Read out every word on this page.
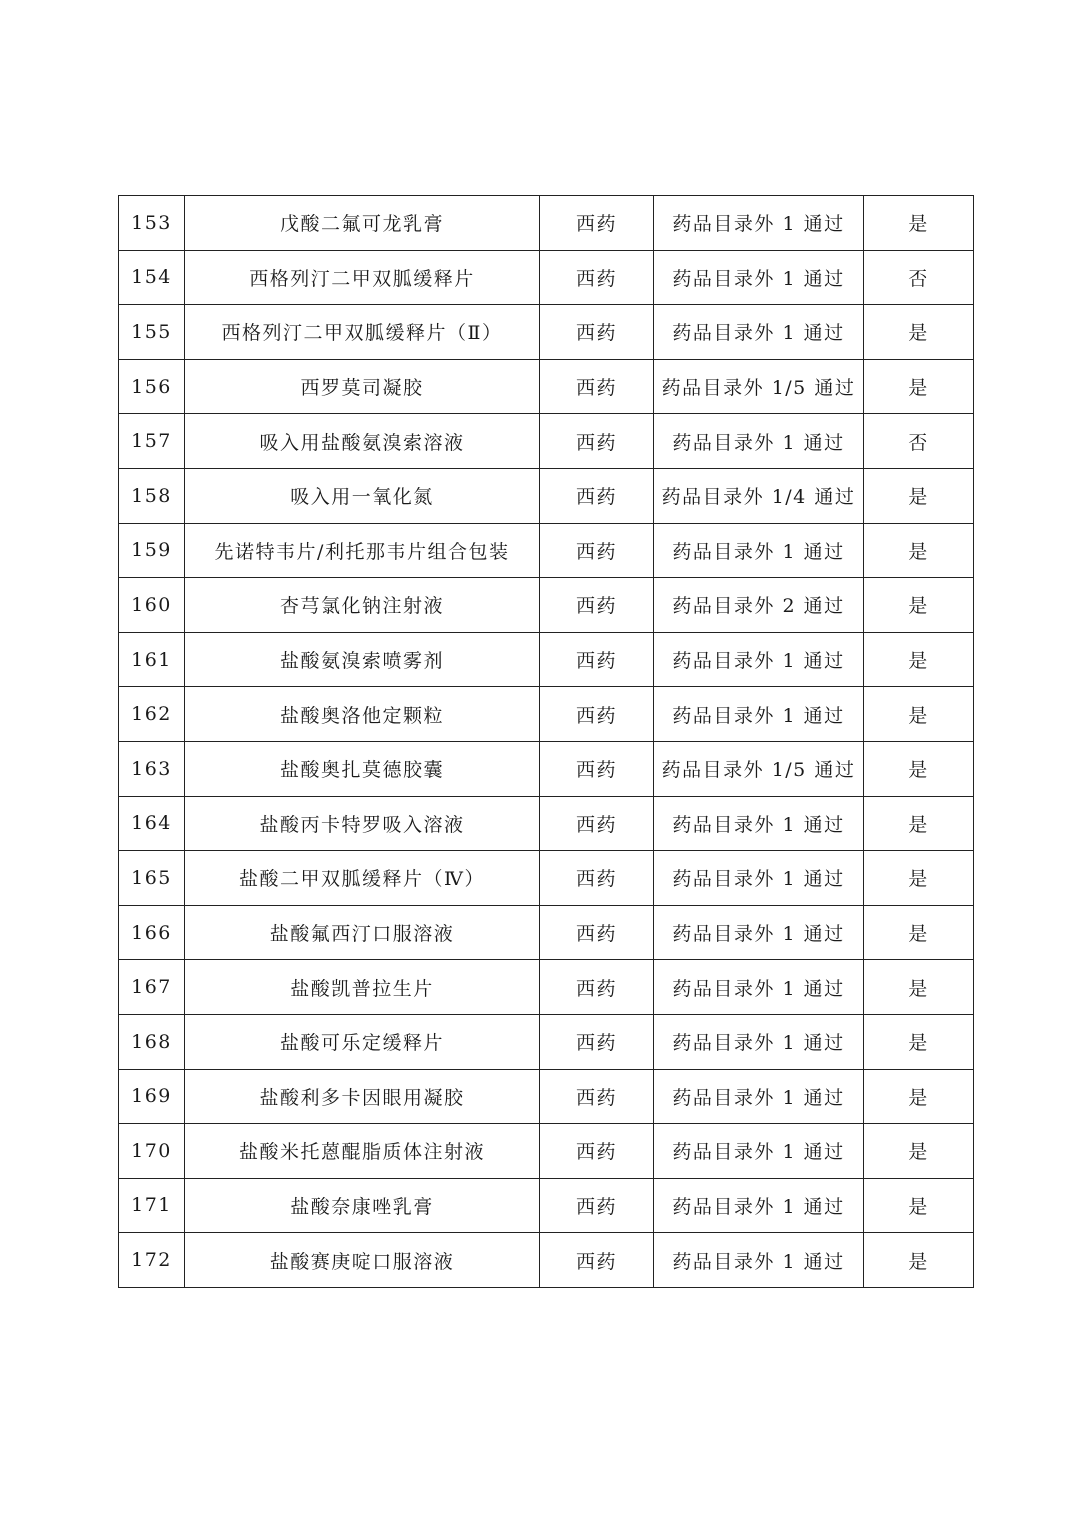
153	戊酸二氟可龙乳膏	西药	药品目录外 1 通过	是
154	西格列汀二甲双胍缓释片	西药	药品目录外 1 通过	否
155	西格列汀二甲双胍缓释片（Ⅱ）	西药	药品目录外 1 通过	是
156	西罗莫司凝胶	西药	药品目录外 1/5 通过	是
157	吸入用盐酸氨溴索溶液	西药	药品目录外 1 通过	否
158	吸入用一氧化氮	西药	药品目录外 1/4 通过	是
159	先诺特韦片/利托那韦片组合包装	西药	药品目录外 1 通过	是
160	杏芎氯化钠注射液	西药	药品目录外 2 通过	是
161	盐酸氨溴索喷雾剂	西药	药品目录外 1 通过	是
162	盐酸奥洛他定颗粒	西药	药品目录外 1 通过	是
163	盐酸奥扎莫德胶囊	西药	药品目录外 1/5 通过	是
164	盐酸丙卡特罗吸入溶液	西药	药品目录外 1 通过	是
165	盐酸二甲双胍缓释片（Ⅳ）	西药	药品目录外 1 通过	是
166	盐酸氟西汀口服溶液	西药	药品目录外 1 通过	是
167	盐酸凯普拉生片	西药	药品目录外 1 通过	是
168	盐酸可乐定缓释片	西药	药品目录外 1 通过	是
169	盐酸利多卡因眼用凝胶	西药	药品目录外 1 通过	是
170	盐酸米托蒽醌脂质体注射液	西药	药品目录外 1 通过	是
171	盐酸奈康唑乳膏	西药	药品目录外 1 通过	是
172	盐酸赛庚啶口服溶液	西药	药品目录外 1 通过	是
